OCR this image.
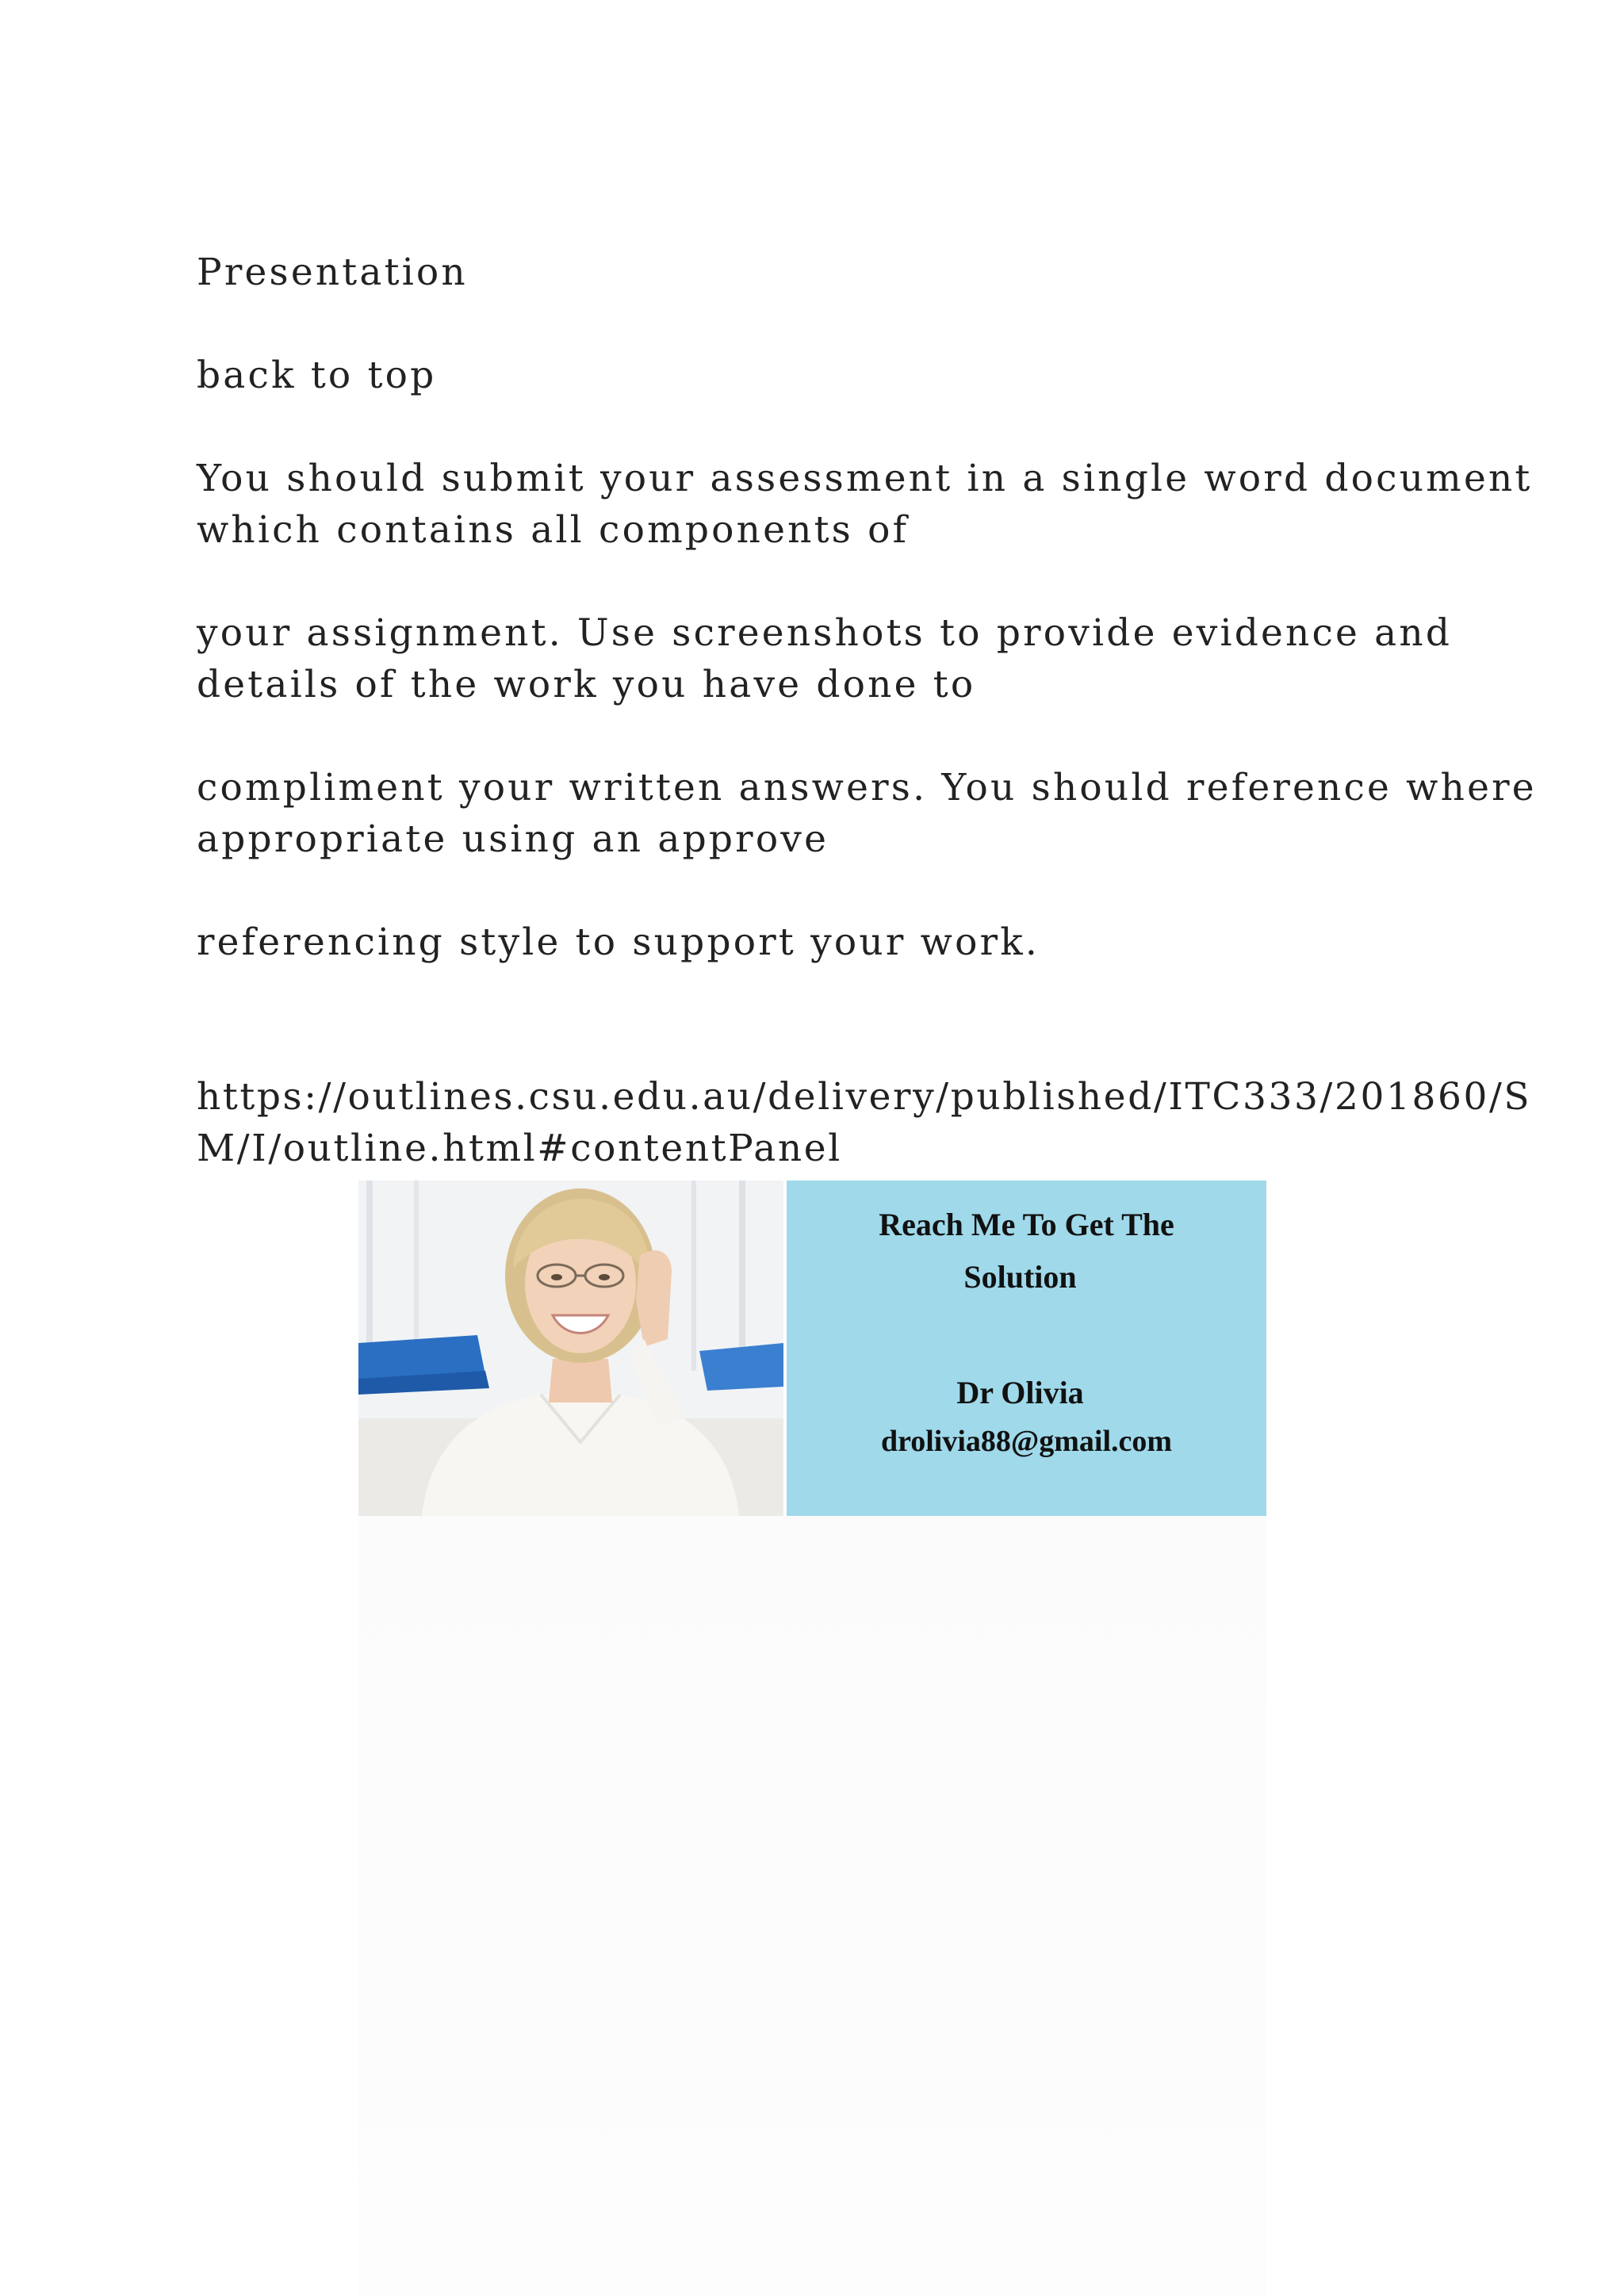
Presentation

back to top

You should submit your assessment in a single word document

which contains all components of

your assignment. Use screenshots to provide evidence and

details of the work you have done to

compliment your written answers. You should reference where

appropriate using an approve

referencing style to support your work.

https://outlines.csu.edu.au/delivery/published/ITC333/201860/S

M/I/outline.html#contentPanel

Reach Me To Get The

Solution

Dr Olivia

drolivia88@gmail.com
